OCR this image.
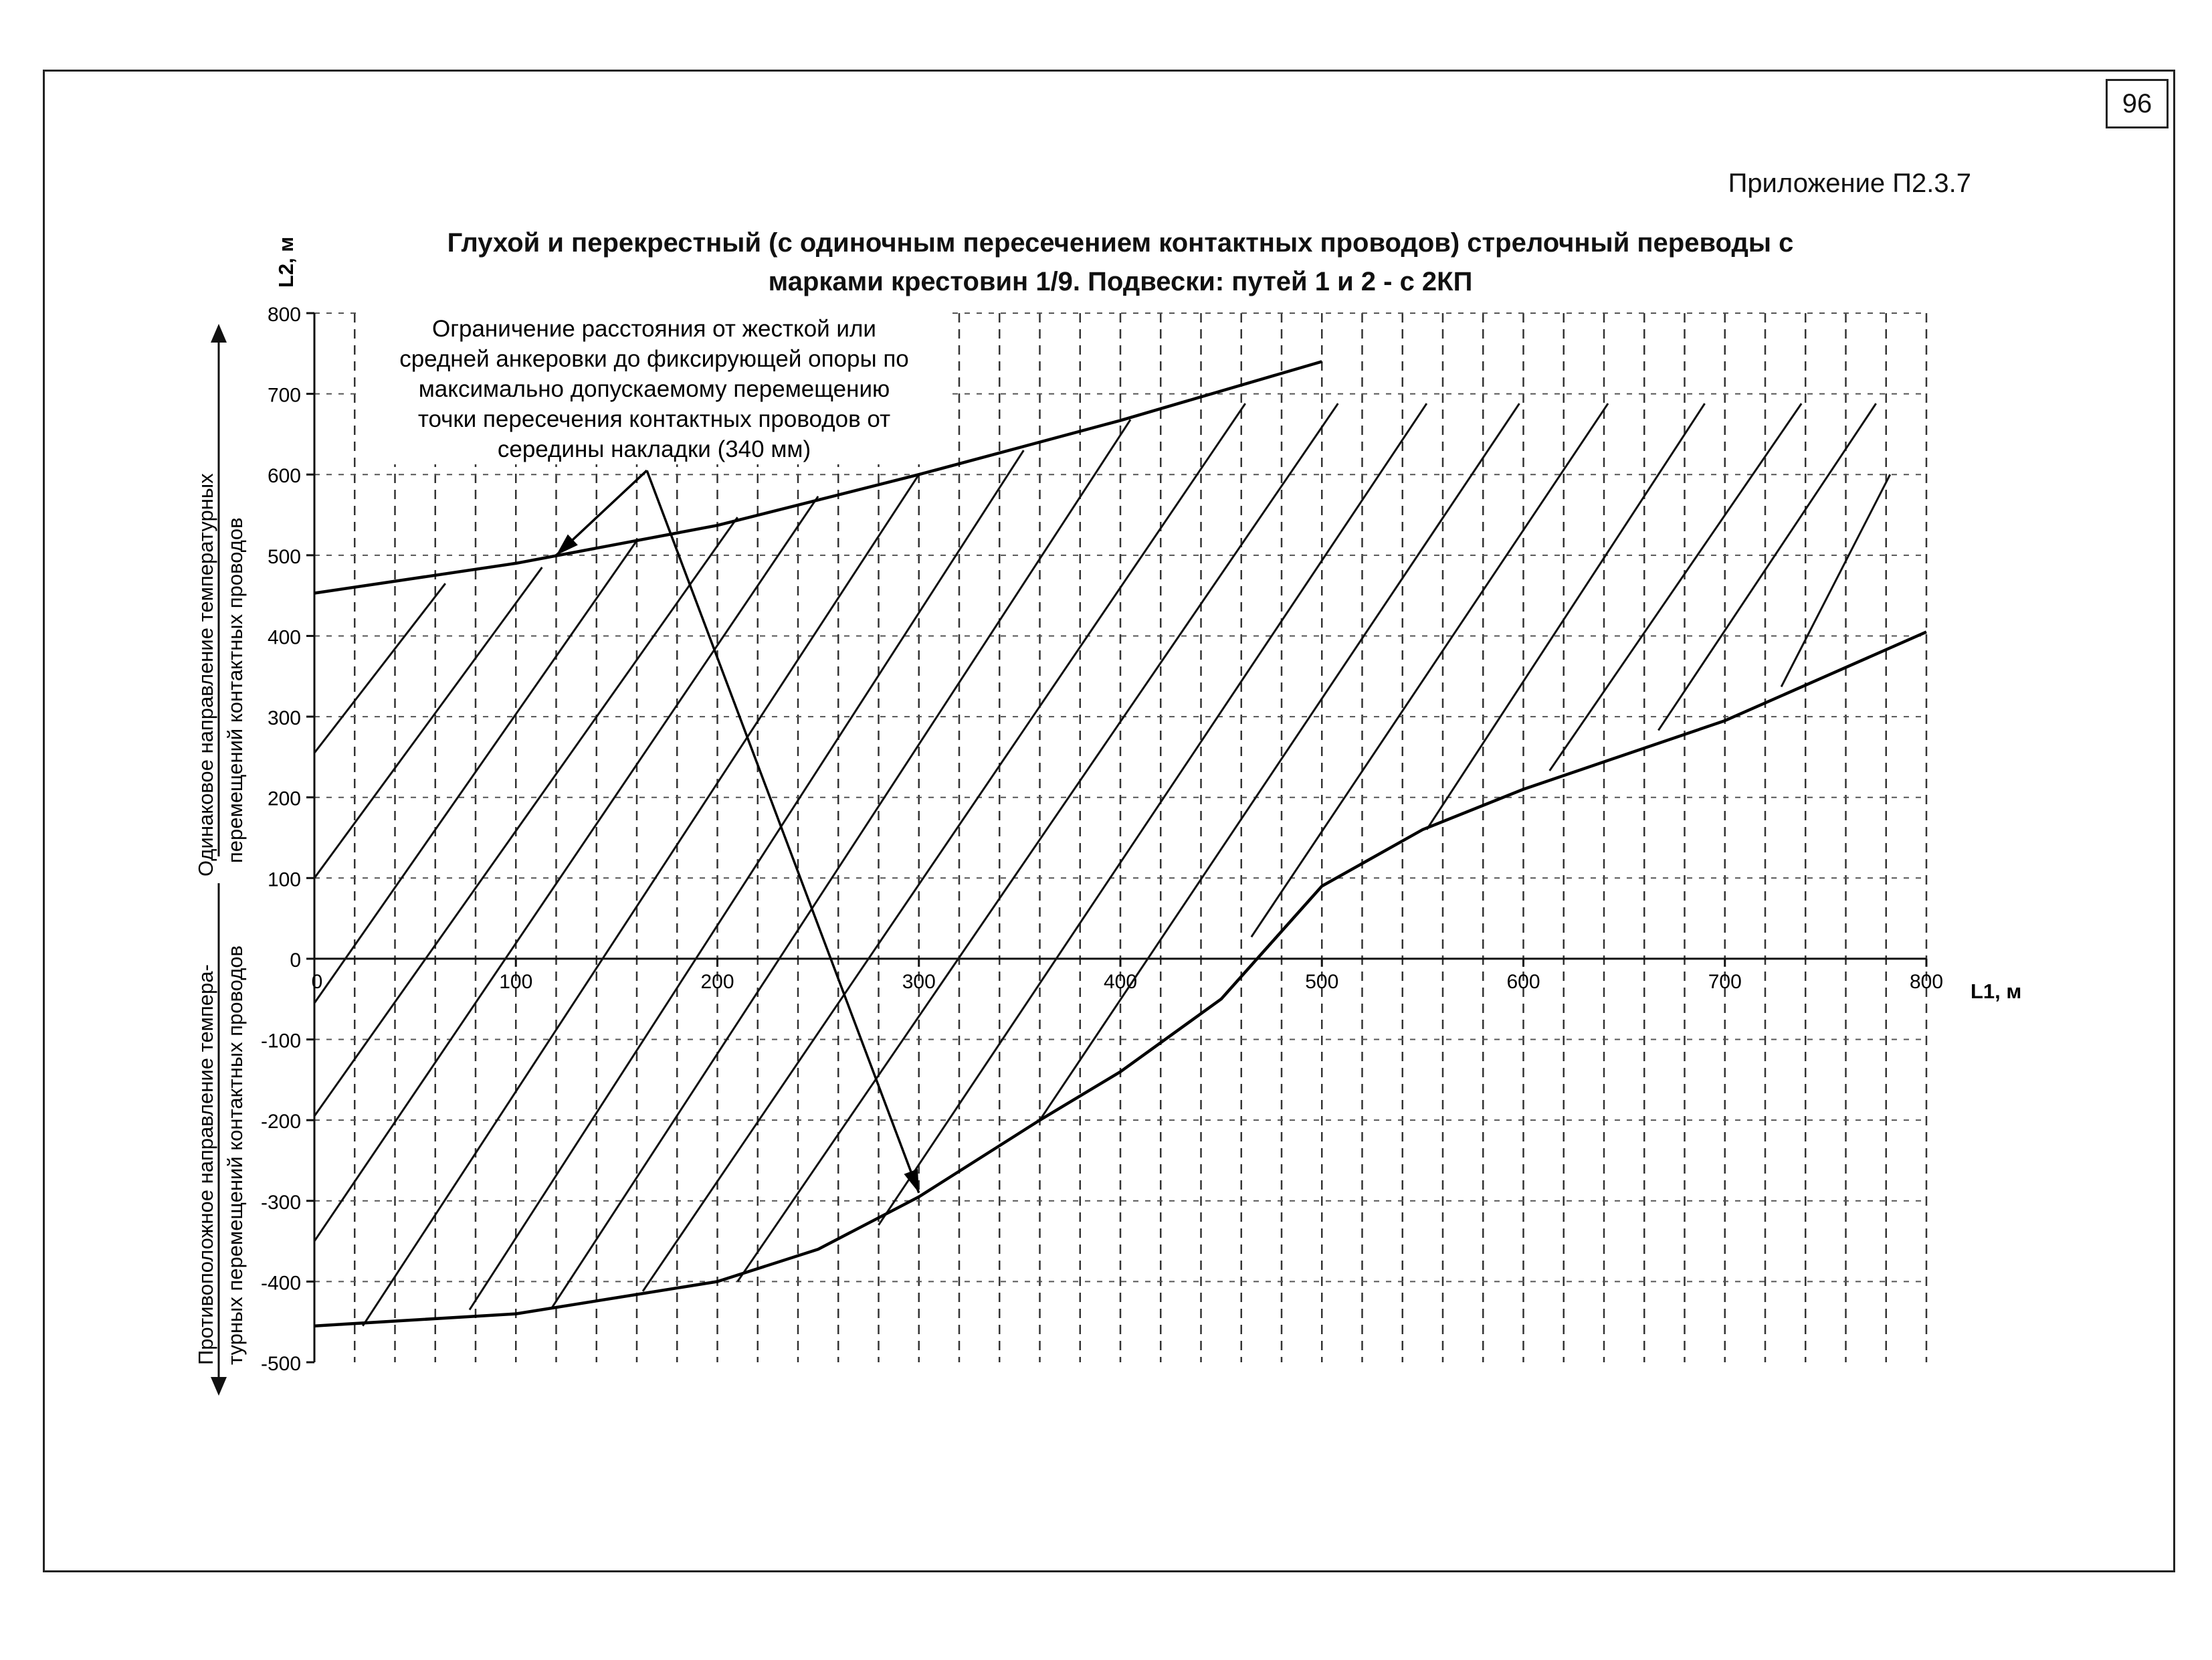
96
Приложение П2.3.7
Глухой и перекрестный (с одиночным пересечением контактных проводов) стрелочный переводы с
марками крестовин 1/9. Подвески: путей 1 и 2 - с 2КП
-500
-400
-300
-200
-100
0
100
200
300
400
500
600
700
800
0	100	200	300	400	500	600	700	800
Ограничение расстояния от жесткой или
средней анкеровки до фиксирующей опоры по
максимально допускаемому перемещению
точки пересечения контактных проводов от
середины накладки (340 мм)
L2, м
L1, м
Одинаковое направление температурных перемещений контактных проводов
Противоположное направление темпера- турных перемещений контактных проводов
